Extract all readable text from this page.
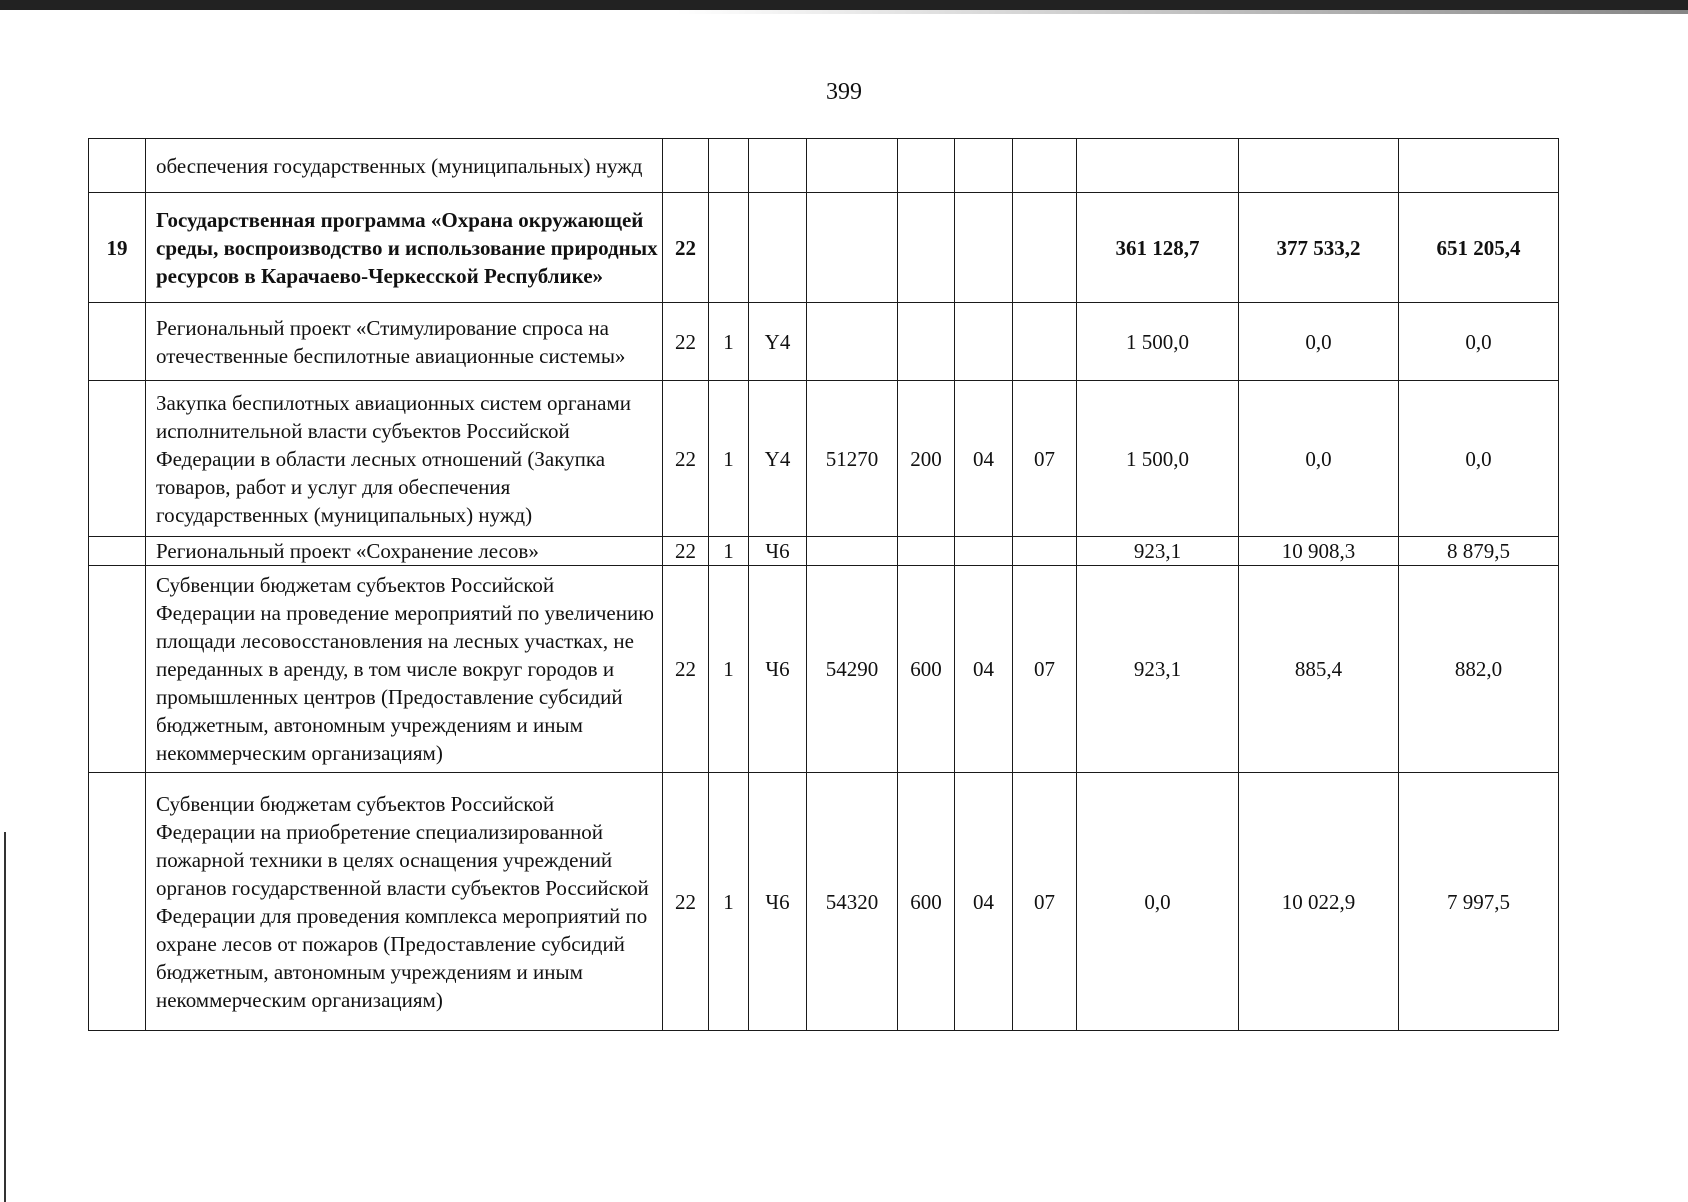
399
	обеспечения государственных (муниципальных) нужд										
19	Государственная программа «Охрана окружающей среды, воспроизводство и использование природных ресурсов в Карачаево-Черкесской Республике»	22							361 128,7	377 533,2	651 205,4
	Региональный проект «Стимулирование спроса на отечественные беспилотные авиационные системы»	22	1	Y4					1 500,0	0,0	0,0
	Закупка беспилотных авиационных систем органами исполнительной власти субъектов Российской Федерации в области лесных отношений (Закупка товаров, работ и услуг для обеспечения государственных (муниципальных) нужд)	22	1	Y4	51270	200	04	07	1 500,0	0,0	0,0
	Региональный проект «Сохранение лесов»	22	1	Ч6					923,1	10 908,3	8 879,5
	Субвенции бюджетам субъектов Российской Федерации на проведение мероприятий по увеличению площади лесовосстановления на лесных участках, не переданных в аренду, в том числе вокруг городов и промышленных центров (Предоставление субсидий бюджетным, автономным учреждениям и иным некоммерческим организациям)	22	1	Ч6	54290	600	04	07	923,1	885,4	882,0
	Субвенции бюджетам субъектов Российской Федерации на приобретение специализированной пожарной техники в целях оснащения учреждений органов государственной власти субъектов Российской Федерации для проведения комплекса мероприятий по охране лесов от пожаров (Предоставление субсидий бюджетным, автономным учреждениям и иным некоммерческим организациям)	22	1	Ч6	54320	600	04	07	0,0	10 022,9	7 997,5
